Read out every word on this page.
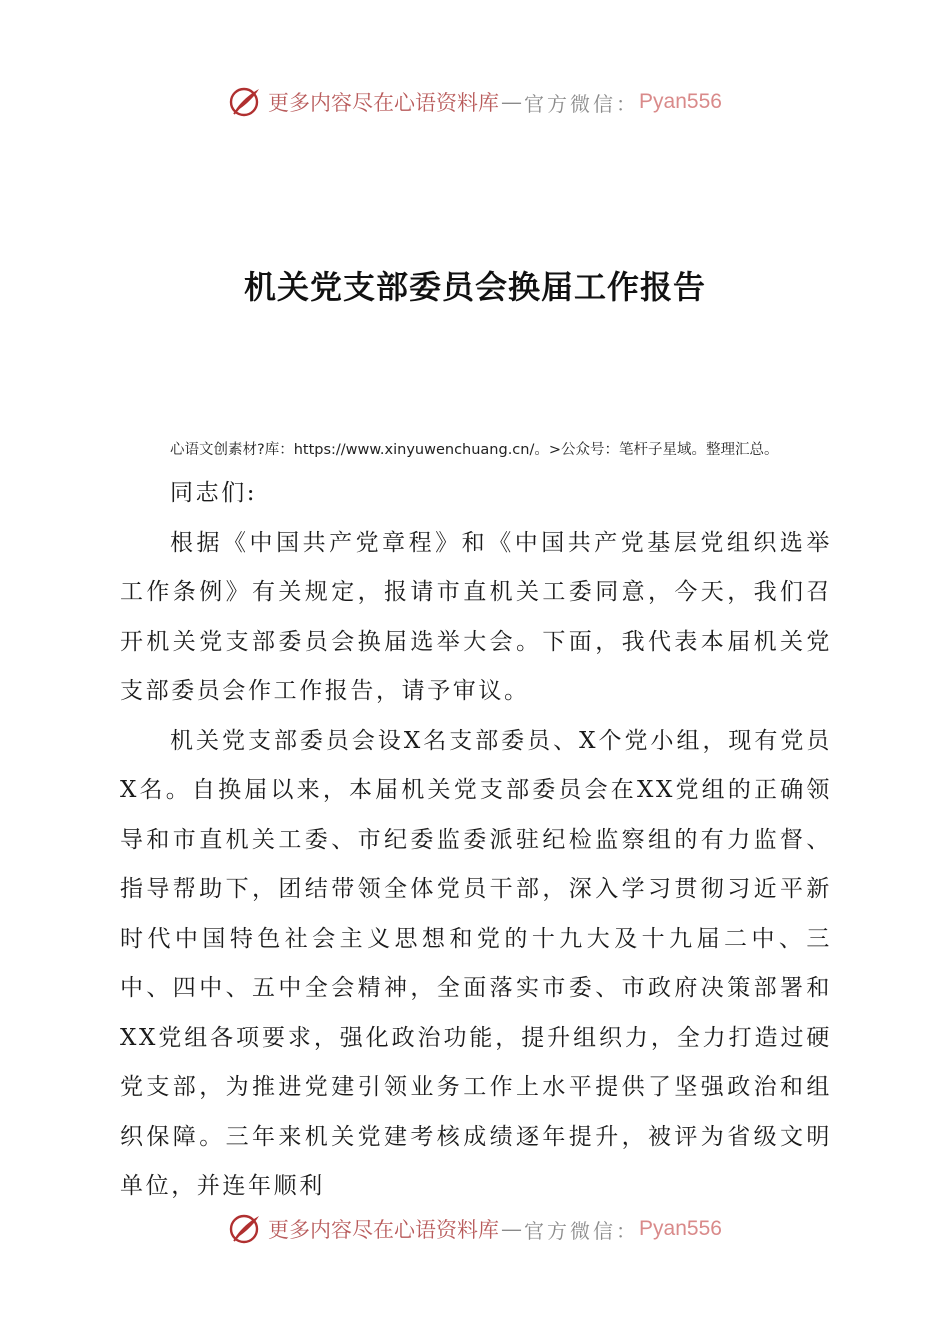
更多内容尽在心语资料库 — 官方微信： Pyan556
机关党支部委员会换届工作报告
心语文创素材?库：https://www.xinyuwenchuang.cn/。>公众号：笔杆子星域。整理汇总。

同志们:

根据《中国共产党章程》和《中国共产党基层党组织选举工作条例》有关规定，报请市直机关工委同意，今天，我们召开机关党支部委员会换届选举大会。下面，我代表本届机关党支部委员会作工作报告，请予审议。

机关党支部委员会设X名支部委员、X个党小组，现有党员X名。自换届以来，本届机关党支部委员会在XX党组的正确领导和市直机关工委、市纪委监委派驻纪检监察组的有力监督、指导帮助下，团结带领全体党员干部，深入学习贯彻习近平新时代中国特色社会主义思想和党的十九大及十九届二中、三中、四中、五中全会精神，全面落实市委、市政府决策部署和XX党组各项要求，强化政治功能，提升组织力，全力打造过硬党支部，为推进党建引领业务工作上水平提供了坚强政治和组织保障。三年来机关党建考核成绩逐年提升，被评为省级文明单位，并连年顺利

更多内容尽在心语资料库 — 官方微信： Pyan556
